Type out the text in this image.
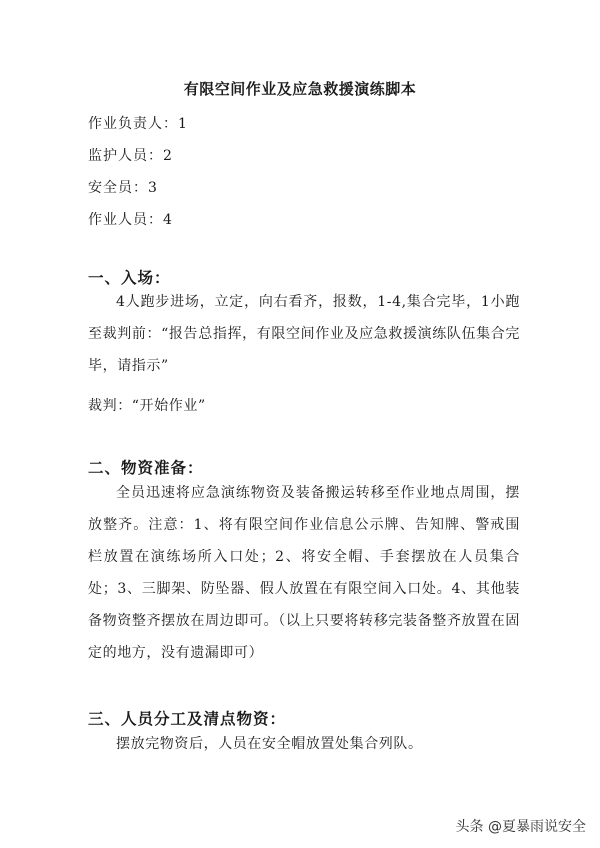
有限空间作业及应急救援演练脚本
作业负责人：1
监护人员：2
安全员：3
作业人员：4
一、入场：
4人跑步进场，立定，向右看齐，报数，1-4,集合完毕，1小跑至裁判前：“报告总指挥，有限空间作业及应急救援演练队伍集合完毕，请指示”
裁判：“开始作业”
二、物资准备：
全员迅速将应急演练物资及装备搬运转移至作业地点周围，摆放整齐。注意：1、将有限空间作业信息公示牌、告知牌、警戒围栏放置在演练场所入口处；2、将安全帽、手套摆放在人员集合处；3、三脚架、防坠器、假人放置在有限空间入口处。4、其他装备物资整齐摆放在周边即可。（以上只要将转移完装备整齐放置在固定的地方，没有遗漏即可）
三、人员分工及清点物资：
摆放完物资后，人员在安全帽放置处集合列队。
头条 @夏暴雨说安全
